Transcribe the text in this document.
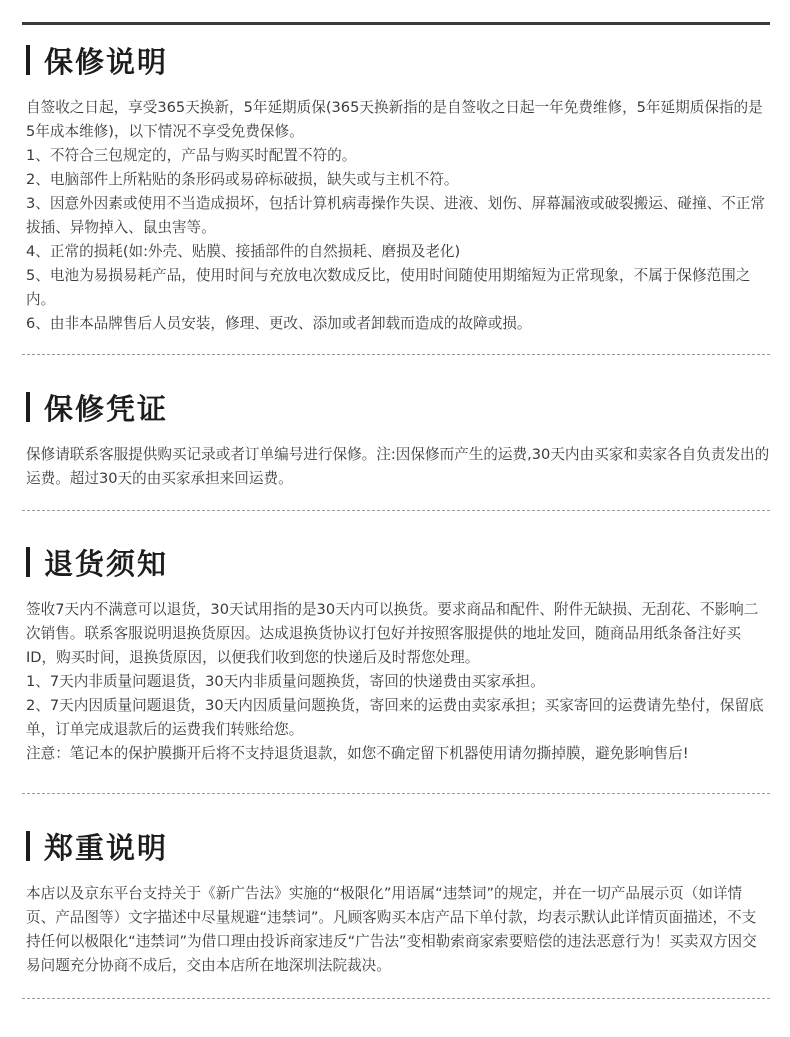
保修说明

自签收之日起，享受365天换新，5年延期质保(365天换新指的是自签收之日起一年免费维修，5年延期质保指的是5年成本维修)，以下情况不享受免费保修。

1、不符合三包规定的，产品与购买时配置不符的。

2、电脑部件上所粘贴的条形码或易碎标破损，缺失或与主机不符。

3、因意外因素或使用不当造成损坏，包括计算机病毒操作失误、进液、划伤、屏幕漏液或破裂搬运、碰撞、不正常拔插、异物掉入、鼠虫害等。

4、正常的损耗(如:外壳、贴膜、接插部件的自然损耗、磨损及老化)

5、电池为易损易耗产品，使用时间与充放电次数成反比，使用时间随使用期缩短为正常现象，不属于保修范围之内。

6、由非本品牌售后人员安装，修理、更改、添加或者卸载而造成的故障或损。

保修凭证

保修请联系客服提供购买记录或者订单编号进行保修。注:因保修而产生的运费,30天内由买家和卖家各自负责发出的运费。超过30天的由买家承担来回运费。

退货须知

签收7天内不满意可以退货，30天试用指的是30天内可以换货。要求商品和配件、附件无缺损、无刮花、不影响二次销售。联系客服说明退换货原因。达成退换货协议打包好并按照客服提供的地址发回，随商品用纸条备注好买ID，购买时间，退换货原因，以便我们收到您的快递后及时帮您处理。

1、7天内非质量问题退货，30天内非质量问题换货，寄回的快递费由买家承担。

2、7天内因质量问题退货，30天内因质量问题换货，寄回来的运费由卖家承担；买家寄回的运费请先垫付，保留底单，订单完成退款后的运费我们转账给您。

注意：笔记本的保护膜撕开后将不支持退货退款，如您不确定留下机器使用请勿撕掉膜，避免影响售后!

郑重说明

本店以及京东平台支持关于《新广告法》实施的“极限化”用语属“违禁词”的规定，并在一切产品展示页（如详情页、产品图等）文字描述中尽量规避“违禁词”。凡顾客购买本店产品下单付款，均表示默认此详情页面描述，不支持任何以极限化“违禁词”为借口理由投诉商家违反“广告法”变相勒索商家索要赔偿的违法恶意行为！买卖双方因交易问题充分协商不成后，交由本店所在地深圳法院裁决。
